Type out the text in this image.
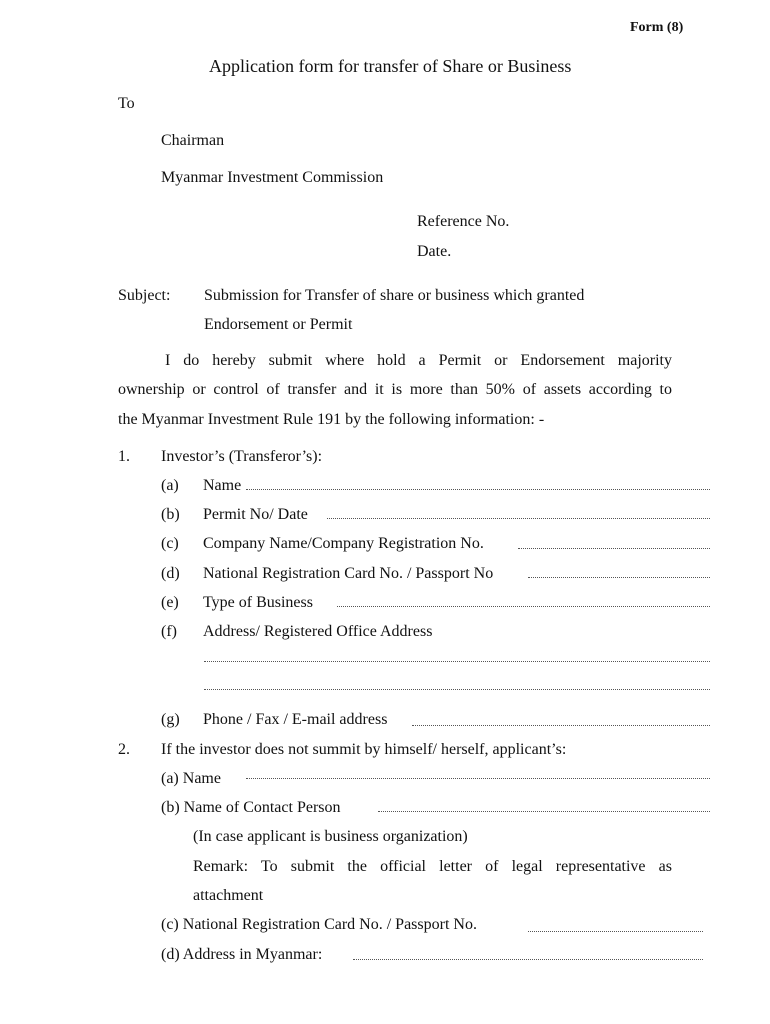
Form (8)
Application form for transfer of Share or Business
To
Chairman
Myanmar Investment Commission
Reference No.
Date.
Subject: Submission for Transfer of share or business which granted
Endorsement or Permit
I do hereby submit where hold a Permit or Endorsement majority
ownership or control of transfer and it is more than 50% of assets according to
the Myanmar Investment Rule 191 by the following information: -
1. Investor’s (Transferor’s):
(a) Name
(b) Permit No/ Date
(c) Company Name/Company Registration No.
(d) National Registration Card No. / Passport No
(e) Type of Business
(f) Address/ Registered Office Address
(g) Phone / Fax / E-mail address
2. If the investor does not summit by himself/ herself, applicant’s:
(a) Name
(b) Name of Contact Person
(In case applicant is business organization)
Remark: To submit the official letter of legal representative as
attachment
(c) National Registration Card No. / Passport No.
(d) Address in Myanmar:
